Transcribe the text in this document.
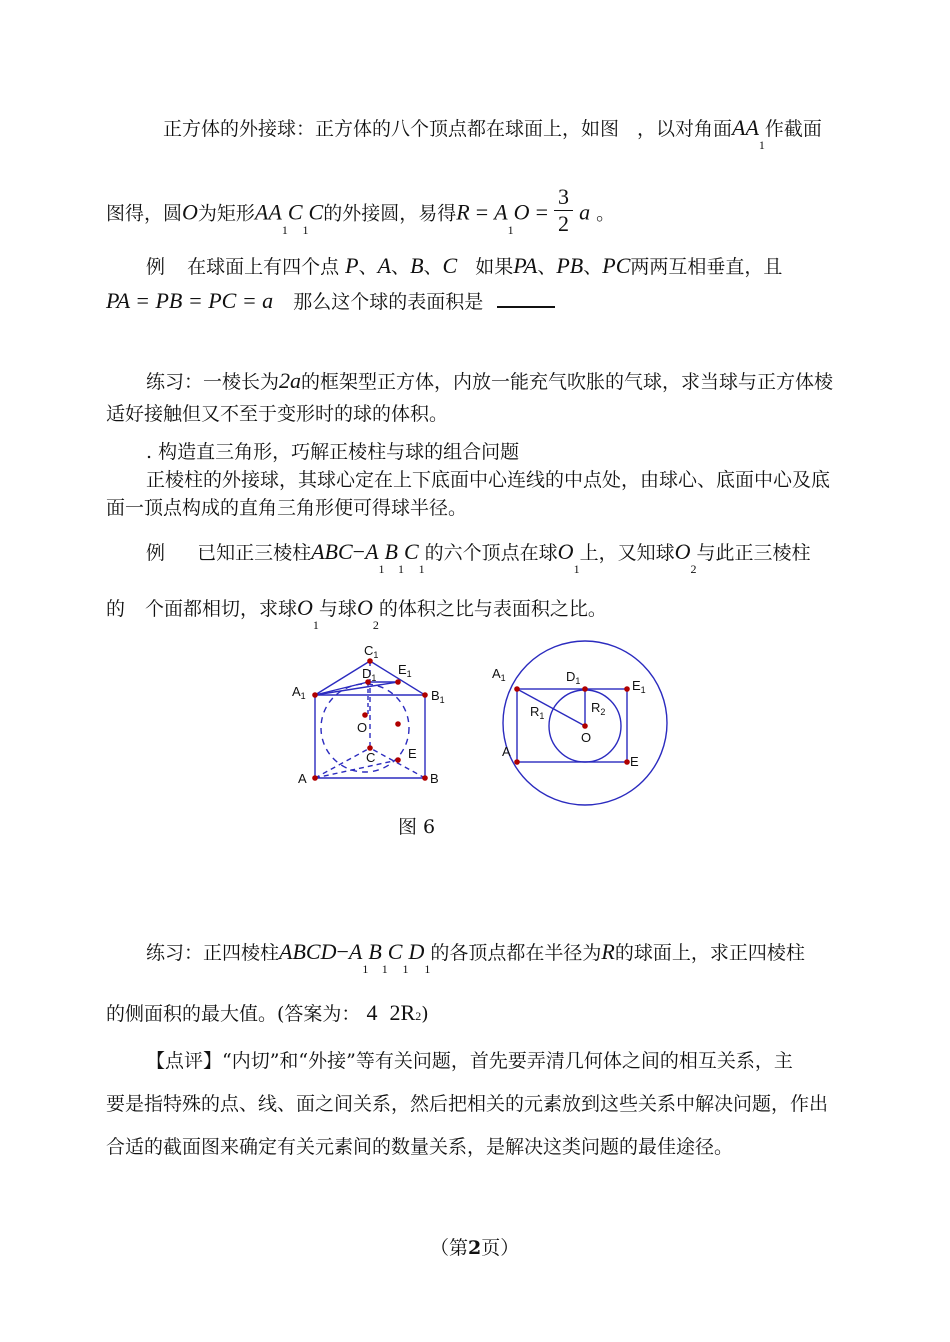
正方体的外接球：正方体的八个顶点都在球面上，如图 ，以对角面$AA_1$作截面
图得，圆O为矩形$AA_1C_1C$的外接圆，易得$R = A_1O = \frac{3}{2}$ a 。
例 在球面上有四个点 P、A、B、C 如果PA、PB、PC两两互相垂直，且
PA = PB = PC = a 那么这个球的表面积是
练习：一棱长为2a的框架型正方体，内放一能充气吹胀的气球，求当球与正方体棱
适好接触但又不至于变形时的球的体积。
. 构造直三角形，巧解正棱柱与球的组合问题
正棱柱的外接球，其球心定在上下底面中心连线的中点处，由球心、底面中心及底
面一顶点构成的直角三角形便可得球半径。
例 已知正三棱柱$ABC-A_1B_1C_1$的六个顶点在球$O_1$上，又知球$O_2$与此正三棱柱
的 个面都相切，求球$O_1$与球$O_2$的体积之比与表面积之比。
$C_1$
$E_1$
$D_1$
$A_1$	$B_1$
O
C	E
A	B
$A_1$	$D_1$	$E_1$
$R_1$
$R_2$
O
A
E
图 6
练习：正四棱柱$ABCD-A_1B_1C_1D_1$的各顶点都在半径为R的球面上，求正四棱柱
的侧面积的最大值。(答案为： 4 2R2)
【点评】“内切”和“外接”等有关问题，首先要弄清几何体之间的相互关系，主
要是指特殊的点、线、面之间关系，然后把相关的元素放到这些关系中解决问题，作出
合适的截面图来确定有关元素间的数量关系，是解决这类问题的最佳途径。
（第2页）
